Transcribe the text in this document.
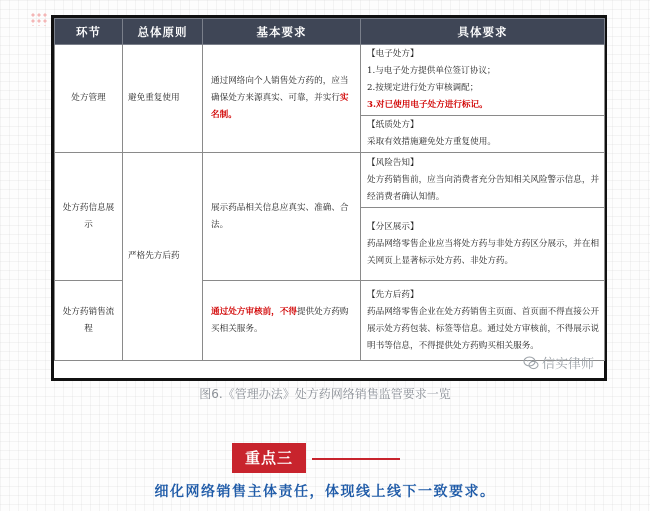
环节	总体原则	基本要求	具体要求
处方管理	避免重复使用	通过网络向个人销售处方药的，应当确保处方来源真实、可靠，并实行实名制。	【电子处方】

1.与电子处方提供单位签订协议；

2.按规定进行处方审核调配；

3.对已使用电子处方进行标记。

			【纸质处方】

采取有效措施避免处方重复使用。

处方药信息展示	严格先方后药	展示药品相关信息应真实、准确、合法。	【风险告知】

处方药销售前，应当向消费者充分告知相关风险警示信息，并经消费者确认知情。

			【分区展示】

药品网络零售企业应当将处方药与非处方药区分展示，并在相关网页上显著标示处方药、非处方药。

处方药销售流程		通过处方审核前，不得提供处方药购买相关服务。	【先方后药】

药品网络零售企业在处方药销售主页面、首页面不得直接公开展示处方药包装、标签等信息。通过处方审核前，不得展示说明书等信息，不得提供处方药购买相关服务。

信实律师
图6.《管理办法》处方药网络销售监管要求一览
重点三
细化网络销售主体责任，体现线上线下一致要求。
